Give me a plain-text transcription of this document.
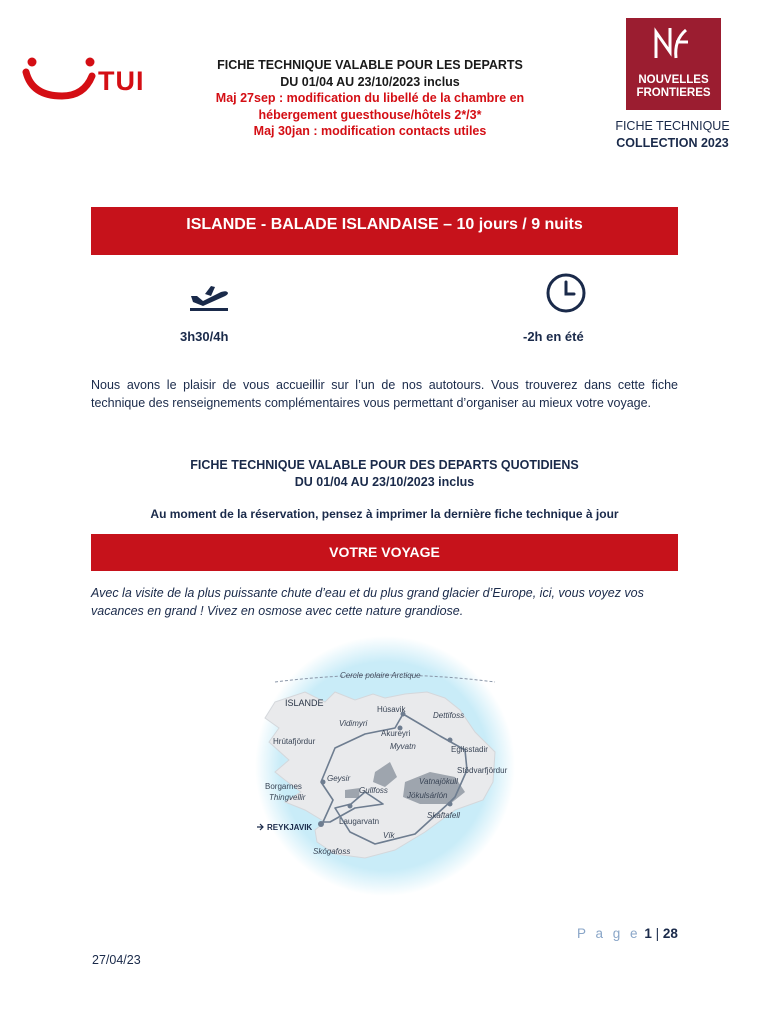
TUI
FICHE TECHNIQUE VALABLE POUR LES DEPARTS
DU 01/04 AU 23/10/2023 inclus
Maj 27sep : modification du libellé de la chambre en
hébergement guesthouse/hôtels 2*/3*
Maj 30jan : modification contacts utiles
NOUVELLES
FRONTIERES
FICHE TECHNIQUE
COLLECTION 2023
ISLANDE - BALADE ISLANDAISE – 10 jours / 9 nuits
3h30/4h	-2h en été
Nous avons le plaisir de vous accueillir sur l’un de nos autotours. Vous trouverez dans cette fiche technique des renseignements complémentaires vous permettant d’organiser au mieux votre voyage.
FICHE TECHNIQUE VALABLE POUR DES DEPARTS QUOTIDIENS
DU 01/04 AU 23/10/2023 inclus
Au moment de la réservation, pensez à imprimer la dernière fiche technique à jour
VOTRE VOYAGE
Avec la visite de la plus puissante chute d’eau et du plus grand glacier d’Europe, ici, vous voyez vos vacances en grand ! Vivez en osmose avec cette nature grandiose.
Cercle polaire Arctique
ISLANDE
Húsavik
Dettifoss
Vidimyri
Akureyri
Hrútafjördur
Myvatn	Egilsstadir
Stödvarfjördur
Geysir	Vatnajökull
Jökulsárlón
Borgarnes
Thingvellir
Gullfoss
REYKJAVIK
Laugarvatn
Skaftafell
Vík
Skógafoss
P a g e 1 | 28
27/04/23
